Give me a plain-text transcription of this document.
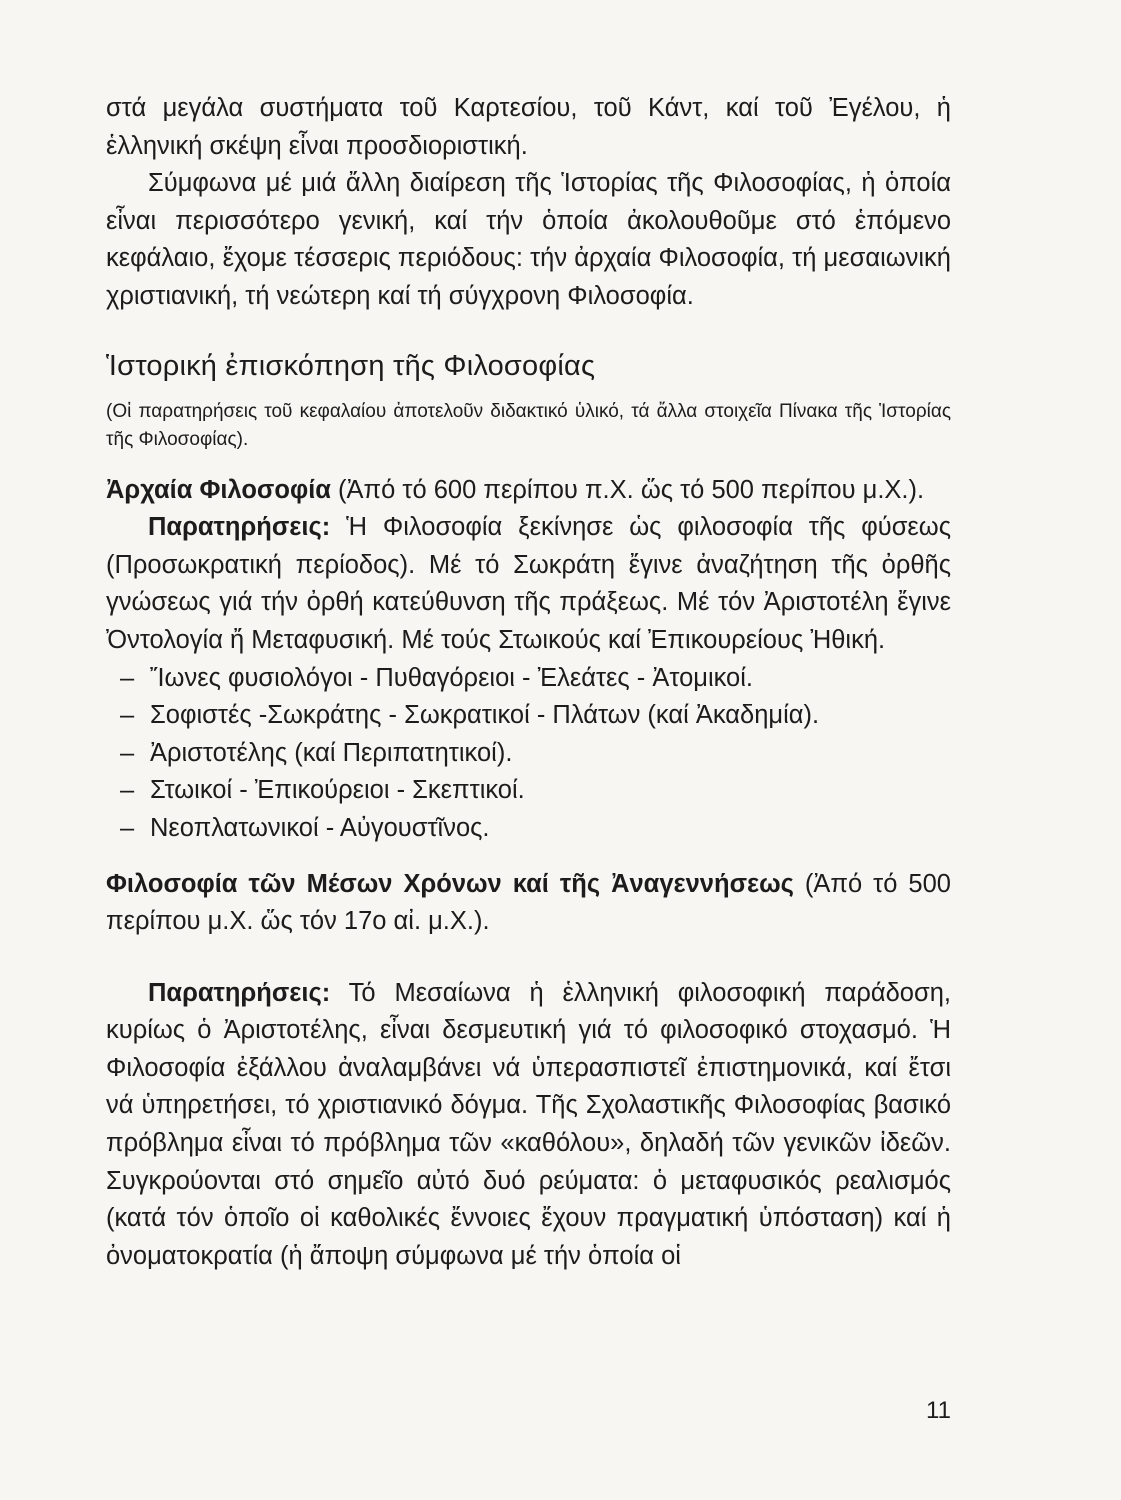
στά μεγάλα συστήματα τοῦ Καρτεσίου, τοῦ Κάντ, καί τοῦ Ἐγέλου, ἡ ἑλληνική σκέψη εἶναι προσδιοριστική.

Σύμφωνα μέ μιά ἄλλη διαίρεση τῆς Ἱστορίας τῆς Φιλοσοφίας, ἡ ὁποία εἶναι περισσότερο γενική, καί τήν ὁποία ἀκολουθοῦμε στό ἑπόμενο κεφάλαιο, ἔχομε τέσσερις περιόδους: τήν ἀρχαία Φιλοσοφία, τή μεσαιωνική χριστιανική, τή νεώτερη καί τή σύγχρονη Φιλοσοφία.

Ἱστορική ἐπισκόπηση τῆς Φιλοσοφίας

(Οἱ παρατηρήσεις τοῦ κεφαλαίου ἀποτελοῦν διδακτικό ὑλικό, τά ἄλλα στοιχεῖα Πίνακα τῆς Ἱστορίας τῆς Φιλοσοφίας).

Ἀρχαία Φιλοσοφία (Ἀπό τό 600 περίπου π.Χ. ὥς τό 500 περίπου μ.Χ.).

Παρατηρήσεις: Ἡ Φιλοσοφία ξεκίνησε ὡς φιλοσοφία τῆς φύσεως (Προσωκρατική περίοδος). Μέ τό Σωκράτη ἔγινε ἀναζήτηση τῆς ὀρθῆς γνώσεως γιά τήν ὀρθή κατεύθυνση τῆς πράξεως. Μέ τόν Ἀριστοτέλη ἔγινε Ὀντολογία ἤ Μεταφυσική. Μέ τούς Στωικούς καί Ἐπικουρείους Ἠθική.

– Ἴωνες φυσιολόγοι - Πυθαγόρειοι - Ἐλεάτες - Ἀτομικοί.
– Σοφιστές -Σωκράτης - Σωκρατικοί - Πλάτων (καί Ἀκαδημία).
– Ἀριστοτέλης (καί Περιπατητικοί).
– Στωικοί - Ἐπικούρειοι - Σκεπτικοί.
– Νεοπλατωνικοί - Αὐγουστῖνος.

Φιλοσοφία τῶν Μέσων Χρόνων καί τῆς Ἀναγεννήσεως (Ἀπό τό 500 περίπου μ.Χ. ὥς τόν 17ο αἰ. μ.Χ.).

Παρατηρήσεις: Τό Μεσαίωνα ἡ ἑλληνική φιλοσοφική παράδοση, κυρίως ὁ Ἀριστοτέλης, εἶναι δεσμευτική γιά τό φιλοσοφικό στοχασμό. Ἡ Φιλοσοφία ἐξάλλου ἀναλαμβάνει νά ὑπερασπιστεῖ ἐπιστημονικά, καί ἔτσι νά ὑπηρετήσει, τό χριστιανικό δόγμα. Τῆς Σχολαστικῆς Φιλοσοφίας βασικό πρόβλημα εἶναι τό πρόβλημα τῶν «καθόλου», δηλαδή τῶν γενικῶν ἰδεῶν. Συγκρούονται στό σημεῖο αὐτό δυό ρεύματα: ὁ μεταφυσικός ρεαλισμός (κατά τόν ὁποῖο οἱ καθολικές ἔννοιες ἔχουν πραγματική ὑπόσταση) καί ἡ ὀνοματοκρατία (ἡ ἄποψη σύμφωνα μέ τήν ὁποία οἱ

11
